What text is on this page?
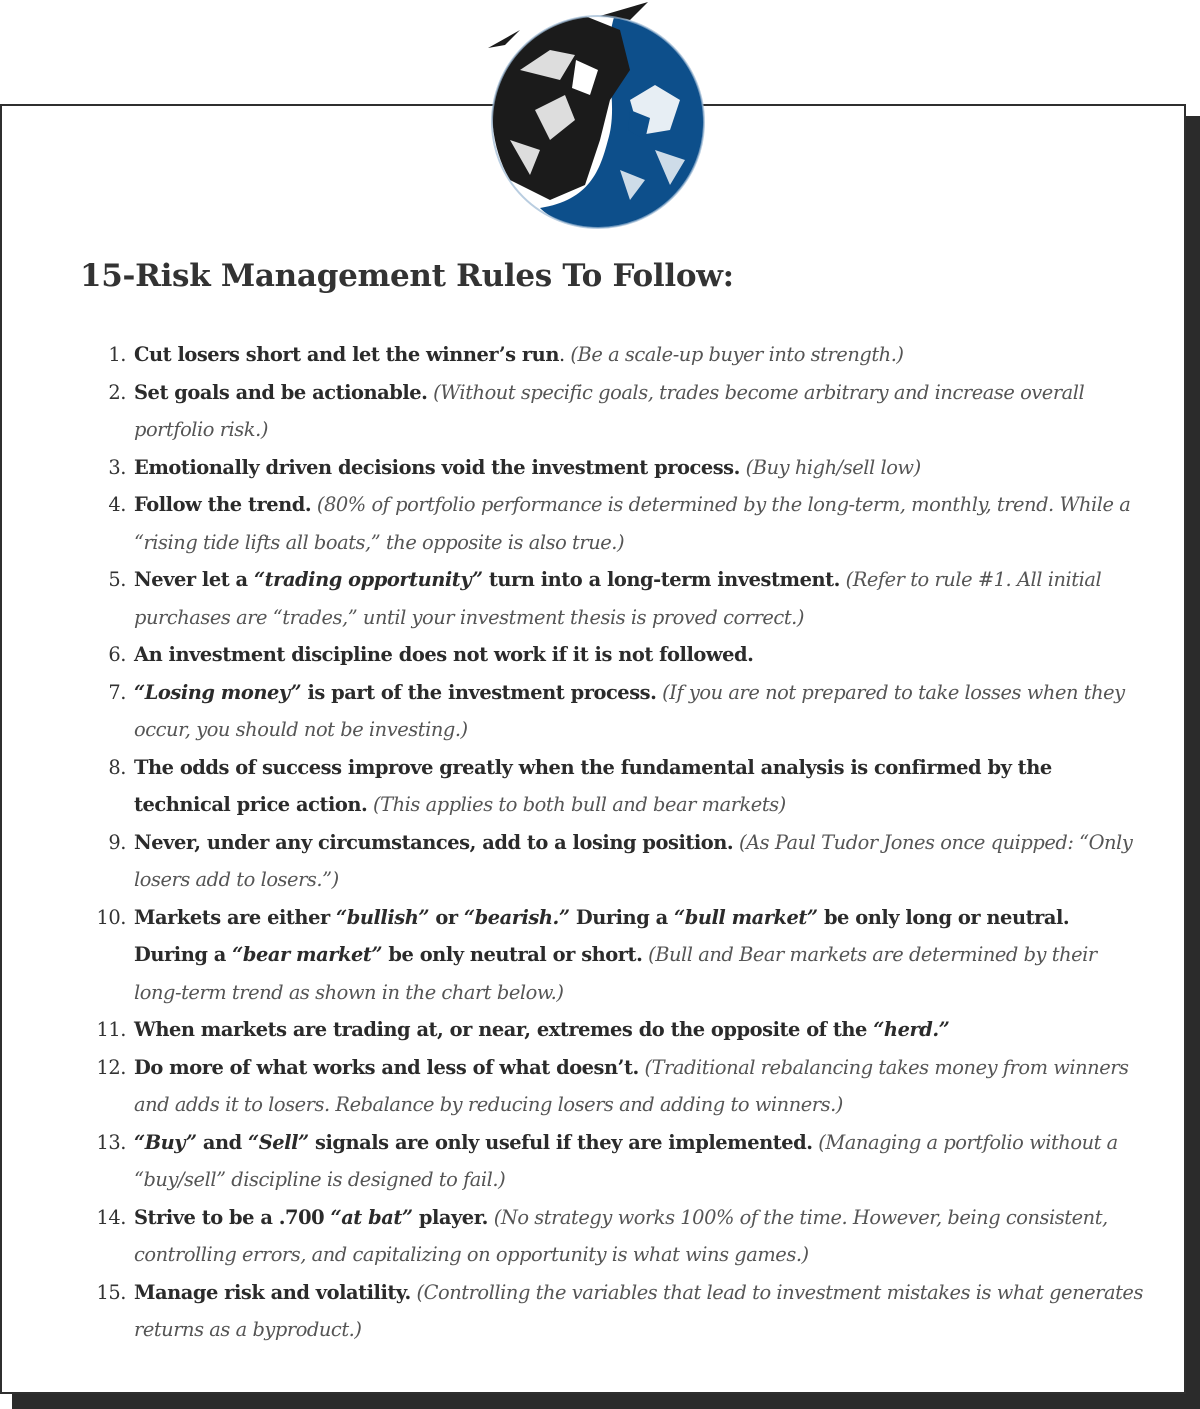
15-Risk Management Rules To Follow:
1. Cut losers short and let the winner’s run. (Be a scale-up buyer into strength.)
2. Set goals and be actionable. (Without specific goals, trades become arbitrary and increase overall portfolio risk.)
3. Emotionally driven decisions void the investment process. (Buy high/sell low)
4. Follow the trend. (80% of portfolio performance is determined by the long-term, monthly, trend. While a “rising tide lifts all boats,” the opposite is also true.)
5. Never let a “trading opportunity” turn into a long-term investment. (Refer to rule #1. All initial purchases are “trades,” until your investment thesis is proved correct.)
6. An investment discipline does not work if it is not followed.
7. “Losing money” is part of the investment process. (If you are not prepared to take losses when they occur, you should not be investing.)
8. The odds of success improve greatly when the fundamental analysis is confirmed by the technical price action. (This applies to both bull and bear markets)
9. Never, under any circumstances, add to a losing position. (As Paul Tudor Jones once quipped: “Only losers add to losers.”)
10. Markets are either “bullish” or “bearish.” During a “bull market” be only long or neutral. During a “bear market” be only neutral or short. (Bull and Bear markets are determined by their long-term trend as shown in the chart below.)
11. When markets are trading at, or near, extremes do the opposite of the “herd.”
12. Do more of what works and less of what doesn’t. (Traditional rebalancing takes money from winners and adds it to losers. Rebalance by reducing losers and adding to winners.)
13. “Buy” and “Sell” signals are only useful if they are implemented. (Managing a portfolio without a “buy/sell” discipline is designed to fail.)
14. Strive to be a .700 “at bat” player. (No strategy works 100% of the time. However, being consistent, controlling errors, and capitalizing on opportunity is what wins games.)
15. Manage risk and volatility. (Controlling the variables that lead to investment mistakes is what generates returns as a byproduct.)
